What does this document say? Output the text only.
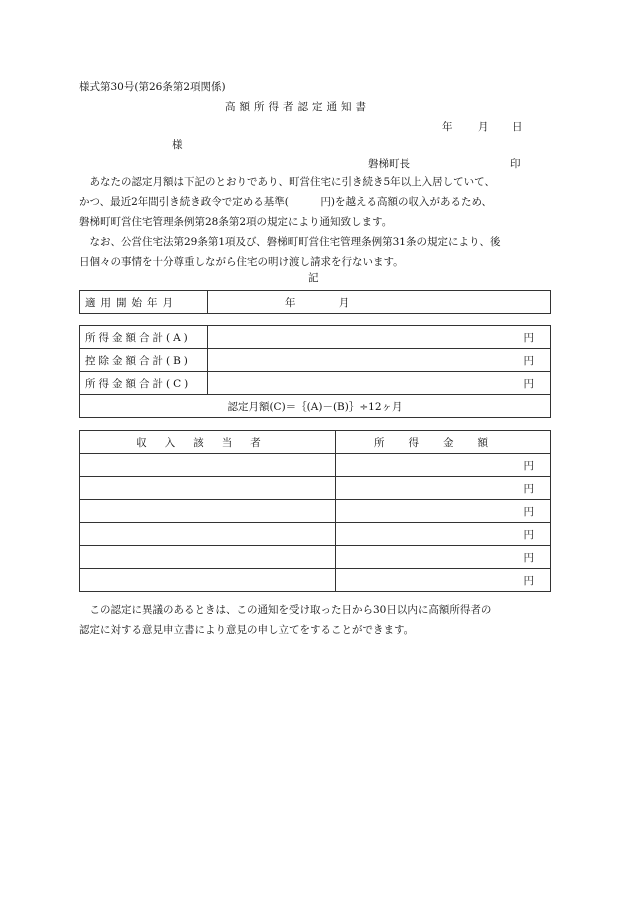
様式第30号(第26条第2項関係)
高額所得者認定通知書
年 月 日
様
磐梯町長	印

　あなたの認定月額は下記のとおりであり、町営住宅に引き続き5年以上入居していて、

かつ、最近2年間引き続き政令で定める基準(　　　円)を越える高額の収入があるため、

磐梯町町営住宅管理条例第28条第2項の規定により通知致します。

　なお、公営住宅法第29条第1項及び、磐梯町町営住宅管理条例第31条の規定により、後

日個々の事情を十分尊重しながら住宅の明け渡し請求を行ないます。

記
適用開始年月	年	月
所得金額合計(A)	円
控除金額合計(B)	円
所得金額合計(C)	円
認定月額(C)＝｛(A)－(B)｝÷12ヶ月	
収入該当者	所得金額
	円
	円
	円
	円
	円
	円

　この認定に異議のあるときは、この通知を受け取った日から30日以内に高額所得者の

認定に対する意見申立書により意見の申し立てをすることができます。
